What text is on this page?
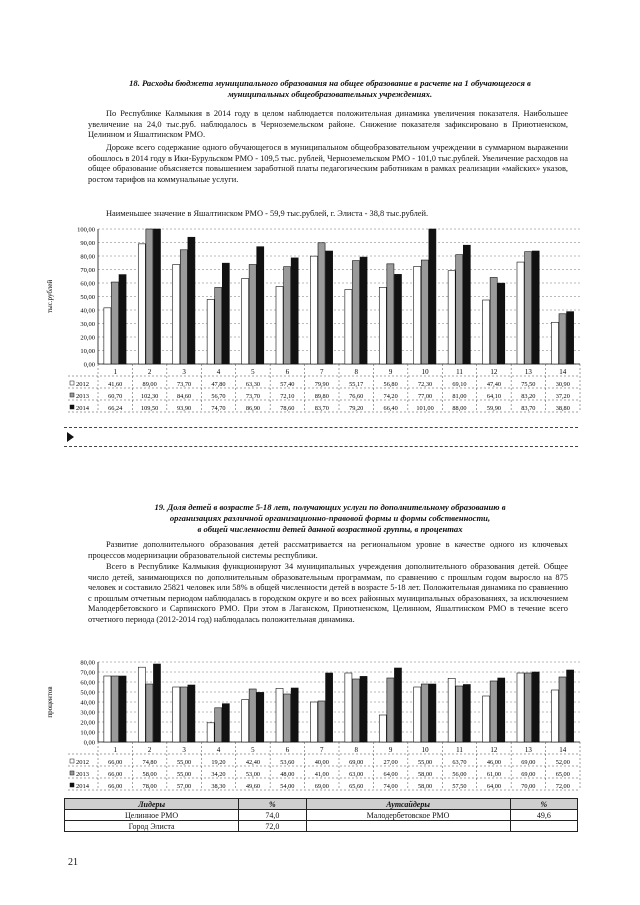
18. Расходы бюджета муниципального образования на общее образование в расчете на 1 обучающегося в
муниципальных общеобразовательных учреждениях.
По Республике Калмыкия в 2014 году в целом наблюдается положительная динамика увеличения показателя. Наибольшее увеличение на 24,0 тыс.руб. наблюдалось в Черноземельском районе. Снижение показателя зафиксировано в Приютненском, Целинном и Яшалтинском РМО.
Дороже всего содержание одного обучающегося в муниципальном общеобразовательном учреждении в суммарном выражении обошлось в 2014 году в Ики-Бурульском РМО - 109,5 тыс. рублей, Черноземельском РМО - 101,0 тыс.рублей. Увеличение расходов на общее образование объясняется повышением заработной платы педагогическим работникам в рамках реализации «майских» указов, ростом тарифов на коммунальные услуги.
Наименьшее значение в Яшалтинском РМО - 59,9 тыс.рублей, г. Элиста - 38,8 тыс.рублей.
0,00
10,00
20,00
30,00
40,00
50,00
60,00
70,00
80,00
90,00
100,00
тыс.рублей
1	2	3	4	5	6	7	8	9	10	11	12	13	14
2012	41,60	89,00	73,70	47,80	63,30	57,40	79,90	55,17	56,80	72,30	69,10	47,40	75,50	30,90
2013	60,70	102,30	84,60	56,70	73,70	72,10	89,80	76,60	74,20	77,00	81,00	64,10	83,20	37,20
2014	66,24	109,50	93,90	74,70	86,90	78,60	83,70	79,20	66,40	101,00	88,00	59,90	83,70	38,80
19. Доля детей в возрасте 5-18 лет, получающих услуги по дополнительному образованию в
организациях различной организационно-правовой формы и формы собственности,
в общей численности детей данной возрастной группы, в процентах
Развитие дополнительного образования детей рассматривается на региональном уровне в качестве одного из ключевых процессов модернизации образовательной системы республики.
Всего в Республике Калмыкия функционируют 34 муниципальных учреждения дополнительного образования детей. Общее число детей, занимающихся по дополнительным образовательным программам, по сравнению с прошлым годом выросло на 875 человек и составило 25821 человек или 58% в общей численности детей в возрасте 5-18 лет. Положительная динамика по сравнению с прошлым отчетным периодом наблюдалась в городском округе и во всех районных муниципальных образованиях, за исключением Малодербетовского и Сарпинского РМО. При этом в Лаганском, Приютненском, Целинном, Яшалтинском РМО в течение всего отчетного периода (2012-2014 год) наблюдалась положительная динамика.
0,00
10,00
20,00
30,00
40,00
50,00
60,00
70,00
80,00
процентов
1	2	3	4	5	6	7	8	9	10	11	12	13	14
2012	66,00	74,80	55,00	19,20	42,40	53,60	40,00	69,00	27,00	55,00	63,70	46,00	69,00	52,00
2013	66,00	58,00	55,00	34,20	53,00	48,00	41,00	63,00	64,00	58,00	56,00	61,00	69,00	65,00
2014	66,00	78,00	57,00	38,30	49,60	54,00	69,00	65,60	74,00	58,00	57,50	64,00	70,00	72,00
Лидеры	%	Аутсайдеры	%
Целинное РМО	74,0	Малодербетовское РМО	49,6
Город Элиста	72,0		
21
